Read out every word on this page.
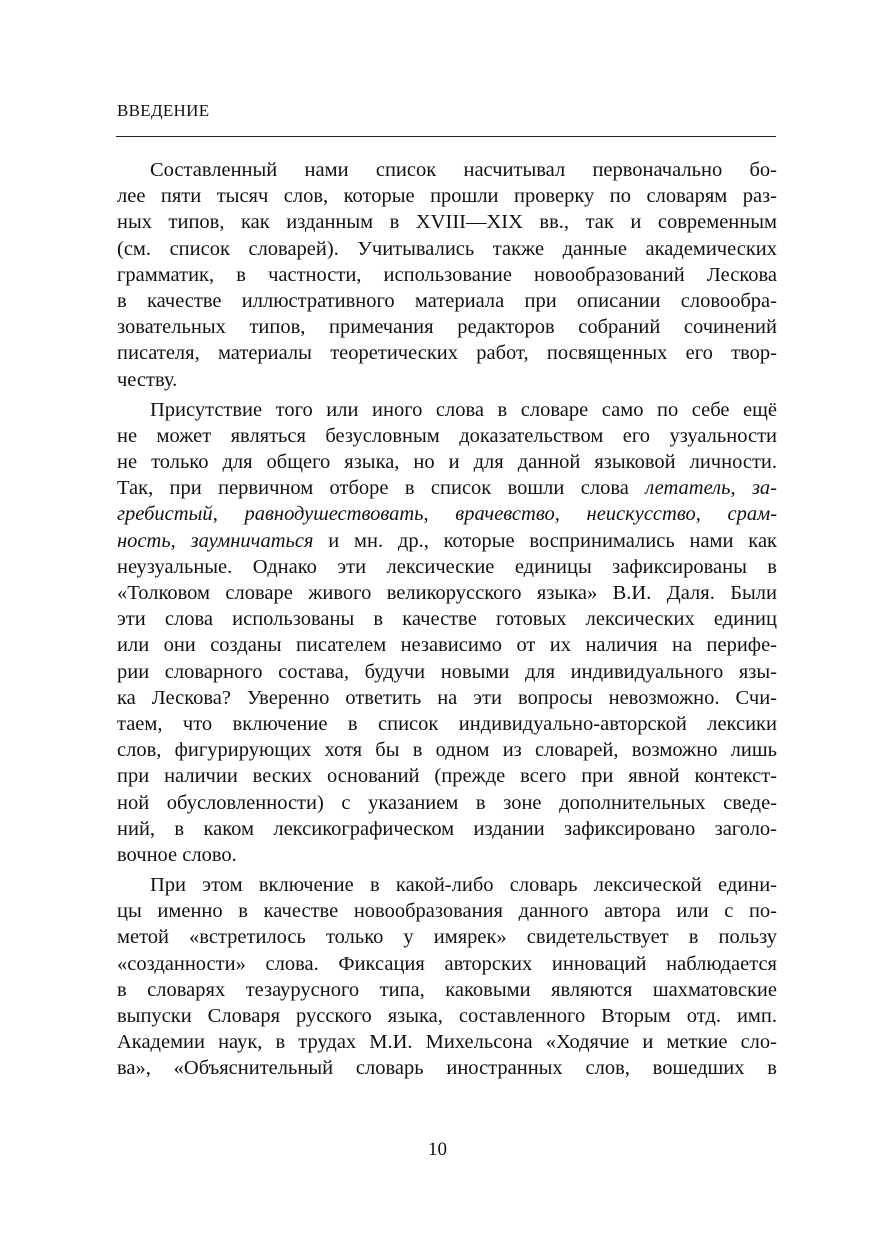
ВВЕДЕНИЕ
Составленный нами список насчитывал первоначально бо-
лее пяти тысяч слов, которые прошли проверку по словарям раз-
ных типов, как изданным в XVIII—XIX вв., так и современным
(см. список словарей). Учитывались также данные академических
грамматик, в частности, использование новообразований Лескова
в качестве иллюстративного материала при описании словообра-
зовательных типов, примечания редакторов собраний сочинений
писателя, материалы теоретических работ, посвященных его твор-
честву.
Присутствие того или иного слова в словаре само по себе ещё
не может являться безусловным доказательством его узуальности
не только для общего языка, но и для данной языковой личности.
Так, при первичном отборе в список вошли слова летатель, за-
гребистый, равнодушествовать, врачевство, неискусство, срам-
ность, заумничаться и мн. др., которые воспринимались нами как
неузуальные. Однако эти лексические единицы зафиксированы в
«Толковом словаре живого великорусского языка» В.И. Даля. Были
эти слова использованы в качестве готовых лексических единиц
или они созданы писателем независимо от их наличия на перифе-
рии словарного состава, будучи новыми для индивидуального язы-
ка Лескова? Уверенно ответить на эти вопросы невозможно. Счи-
таем, что включение в список индивидуально-авторской лексики
слов, фигурирующих хотя бы в одном из словарей, возможно лишь
при наличии веских оснований (прежде всего при явной контекст-
ной обусловленности) с указанием в зоне дополнительных сведе-
ний, в каком лексикографическом издании зафиксировано заголо-
вочное слово.
При этом включение в какой-либо словарь лексической едини-
цы именно в качестве новообразования данного автора или с по-
метой «встретилось только у имярек» свидетельствует в пользу
«созданности» слова. Фиксация авторских инноваций наблюдается
в словарях тезаурусного типа, каковыми являются шахматовские
выпуски Словаря русского языка, составленного Вторым отд. имп.
Академии наук, в трудах М.И. Михельсона «Ходячие и меткие сло-
ва», «Объяснительный словарь иностранных слов, вошедших в
10
